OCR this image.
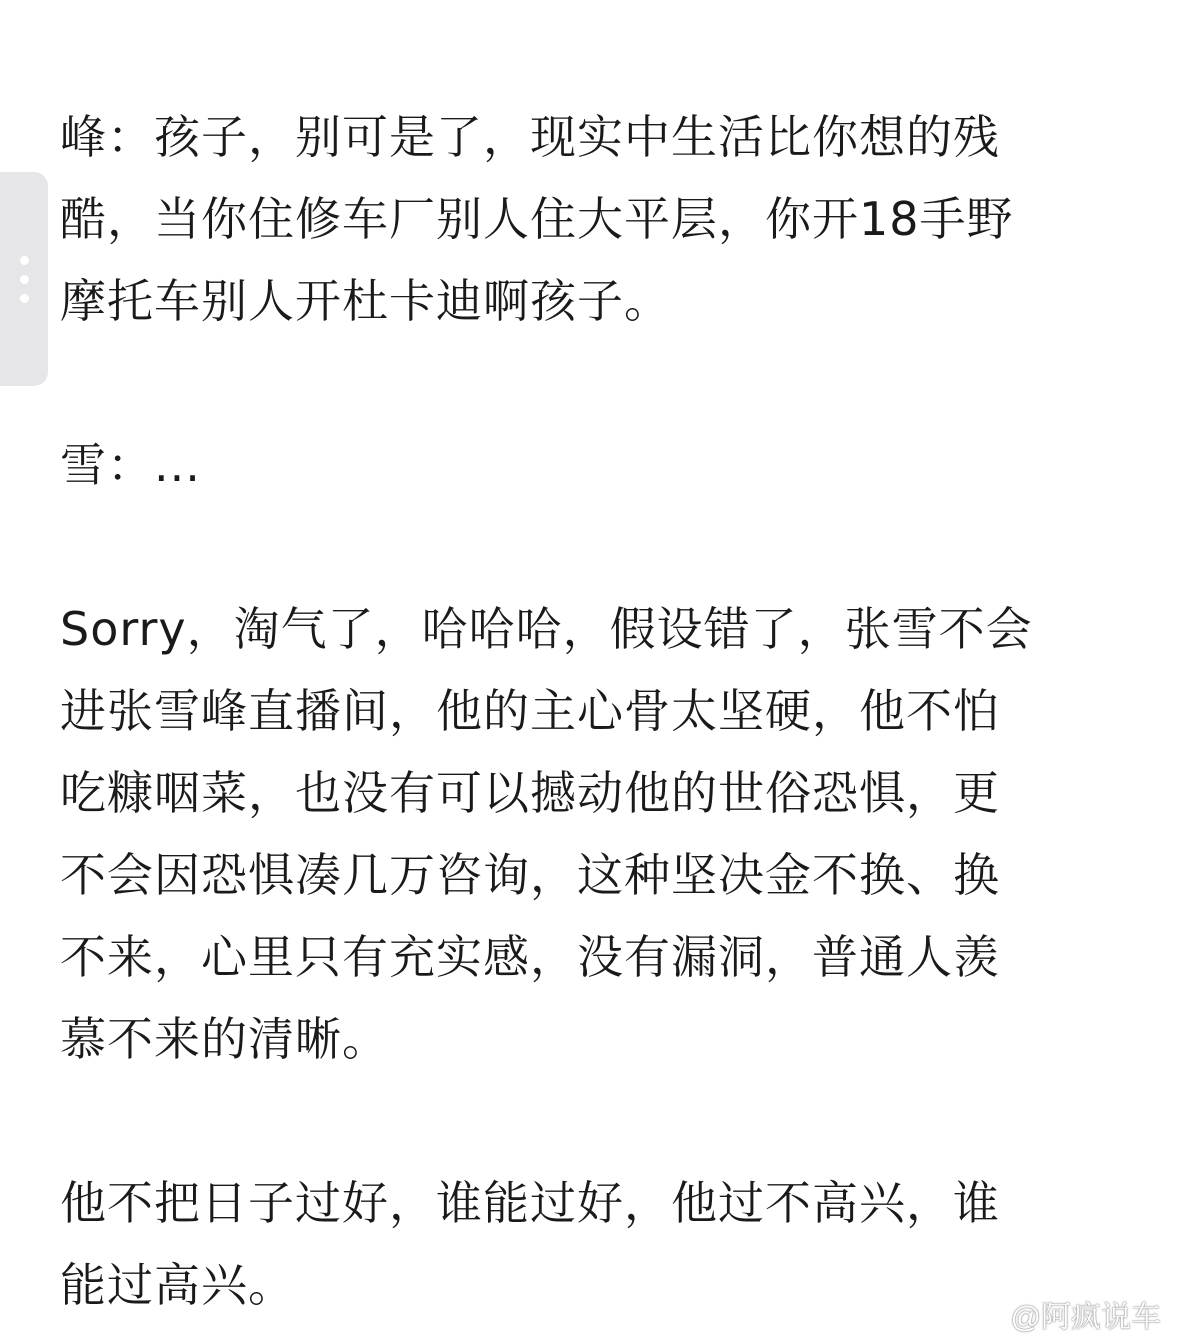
峰：孩子，别可是了，现实中生活比你想的残
酷，当你住修车厂别人住大平层，你开18手野
摩托车别人开杜卡迪啊孩子。

雪：...

Sorry，淘气了，哈哈哈，假设错了，张雪不会
进张雪峰直播间，他的主心骨太坚硬，他不怕
吃糠咽菜，也没有可以撼动他的世俗恐惧，更
不会因恐惧凑几万咨询，这种坚决金不换、换
不来，心里只有充实感，没有漏洞，普通人羡
慕不来的清晰。

他不把日子过好，谁能过好，他过不高兴，谁
能过高兴。

@阿疯说车
